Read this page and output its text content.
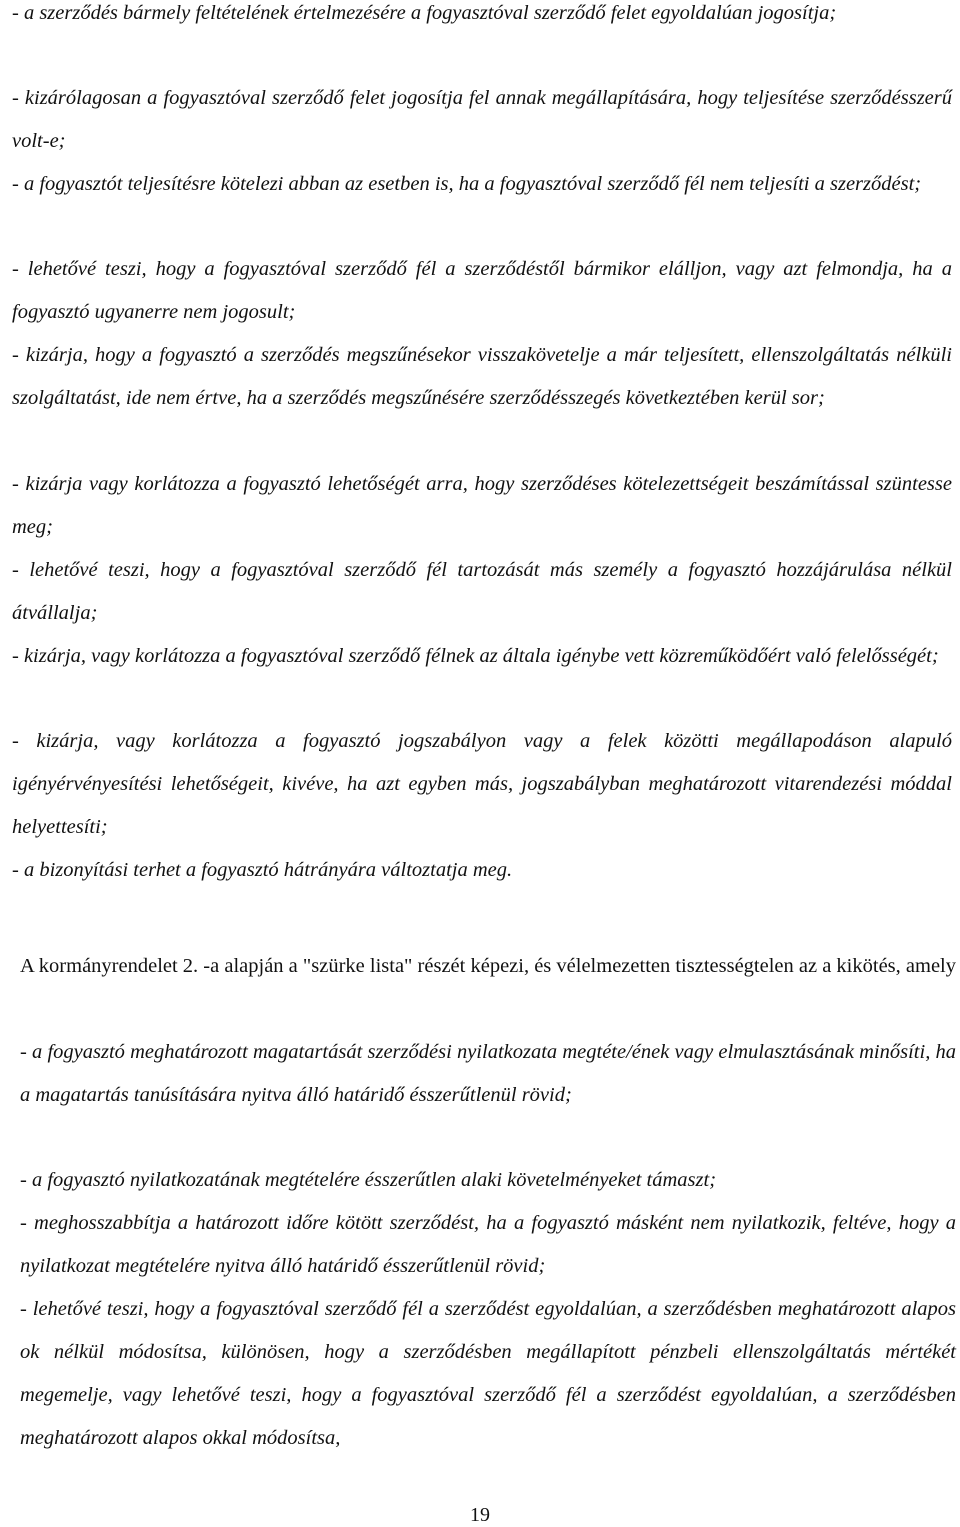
- a szerződés bármely feltételének értelmezésére a fogyasztóval szerződő felet egyoldalúan jogosítja;

- kizárólagosan a fogyasztóval szerződő felet jogosítja fel annak megállapítására, hogy teljesítése szerződésszerű volt-e;

- a fogyasztót teljesítésre kötelezi abban az esetben is, ha a fogyasztóval szerződő fél nem teljesíti a szerződést;

- lehetővé teszi, hogy a fogyasztóval szerződő fél a szerződéstől bármikor elálljon, vagy azt felmondja, ha a fogyasztó ugyanerre nem jogosult;

- kizárja, hogy a fogyasztó a szerződés megszűnésekor visszakövetelje a már teljesített, ellenszolgáltatás nélküli szolgáltatást, ide nem értve, ha a szerződés megszűnésére szerződésszegés következtében kerül sor;

- kizárja vagy korlátozza a fogyasztó lehetőségét arra, hogy szerződéses kötelezettségeit beszámítással szüntesse meg;

- lehetővé teszi, hogy a fogyasztóval szerződő fél tartozását más személy a fogyasztó hozzájárulása nélkül átvállalja;

- kizárja, vagy korlátozza a fogyasztóval szerződő félnek az általa igénybe vett közreműködőért való felelősségét;

- kizárja, vagy korlátozza a fogyasztó jogszabályon vagy a felek közötti megállapodáson alapuló igényérvényesítési lehetőségeit, kivéve, ha azt egyben más, jogszabályban meghatározott vitarendezési móddal helyettesíti;

- a bizonyítási terhet a fogyasztó hátrányára változtatja meg.

A kormányrendelet 2. -a alapján a "szürke lista" részét képezi, és vélelmezetten tisztességtelen az a kikötés, amely

- a fogyasztó meghatározott magatartását szerződési nyilatkozata megtéte/ének vagy elmulasztásának minősíti, ha a magatartás tanúsítására nyitva álló határidő ésszerűtlenül rövid;

- a fogyasztó nyilatkozatának megtételére ésszerűtlen alaki követelményeket támaszt;

- meghosszabbítja a határozott időre kötött szerződést, ha a fogyasztó másként nem nyilatkozik, feltéve, hogy a nyilatkozat megtételére nyitva álló határidő ésszerűtlenül rövid;

- lehetővé teszi, hogy a fogyasztóval szerződő fél a szerződést egyoldalúan, a szerződésben meghatározott alapos ok nélkül módosítsa, különösen, hogy a szerződésben megállapított pénzbeli ellenszolgáltatás mértékét megemelje, vagy lehetővé teszi, hogy a fogyasztóval szerződő fél a szerződést egyoldalúan, a szerződésben meghatározott alapos okkal módosítsa,

19
